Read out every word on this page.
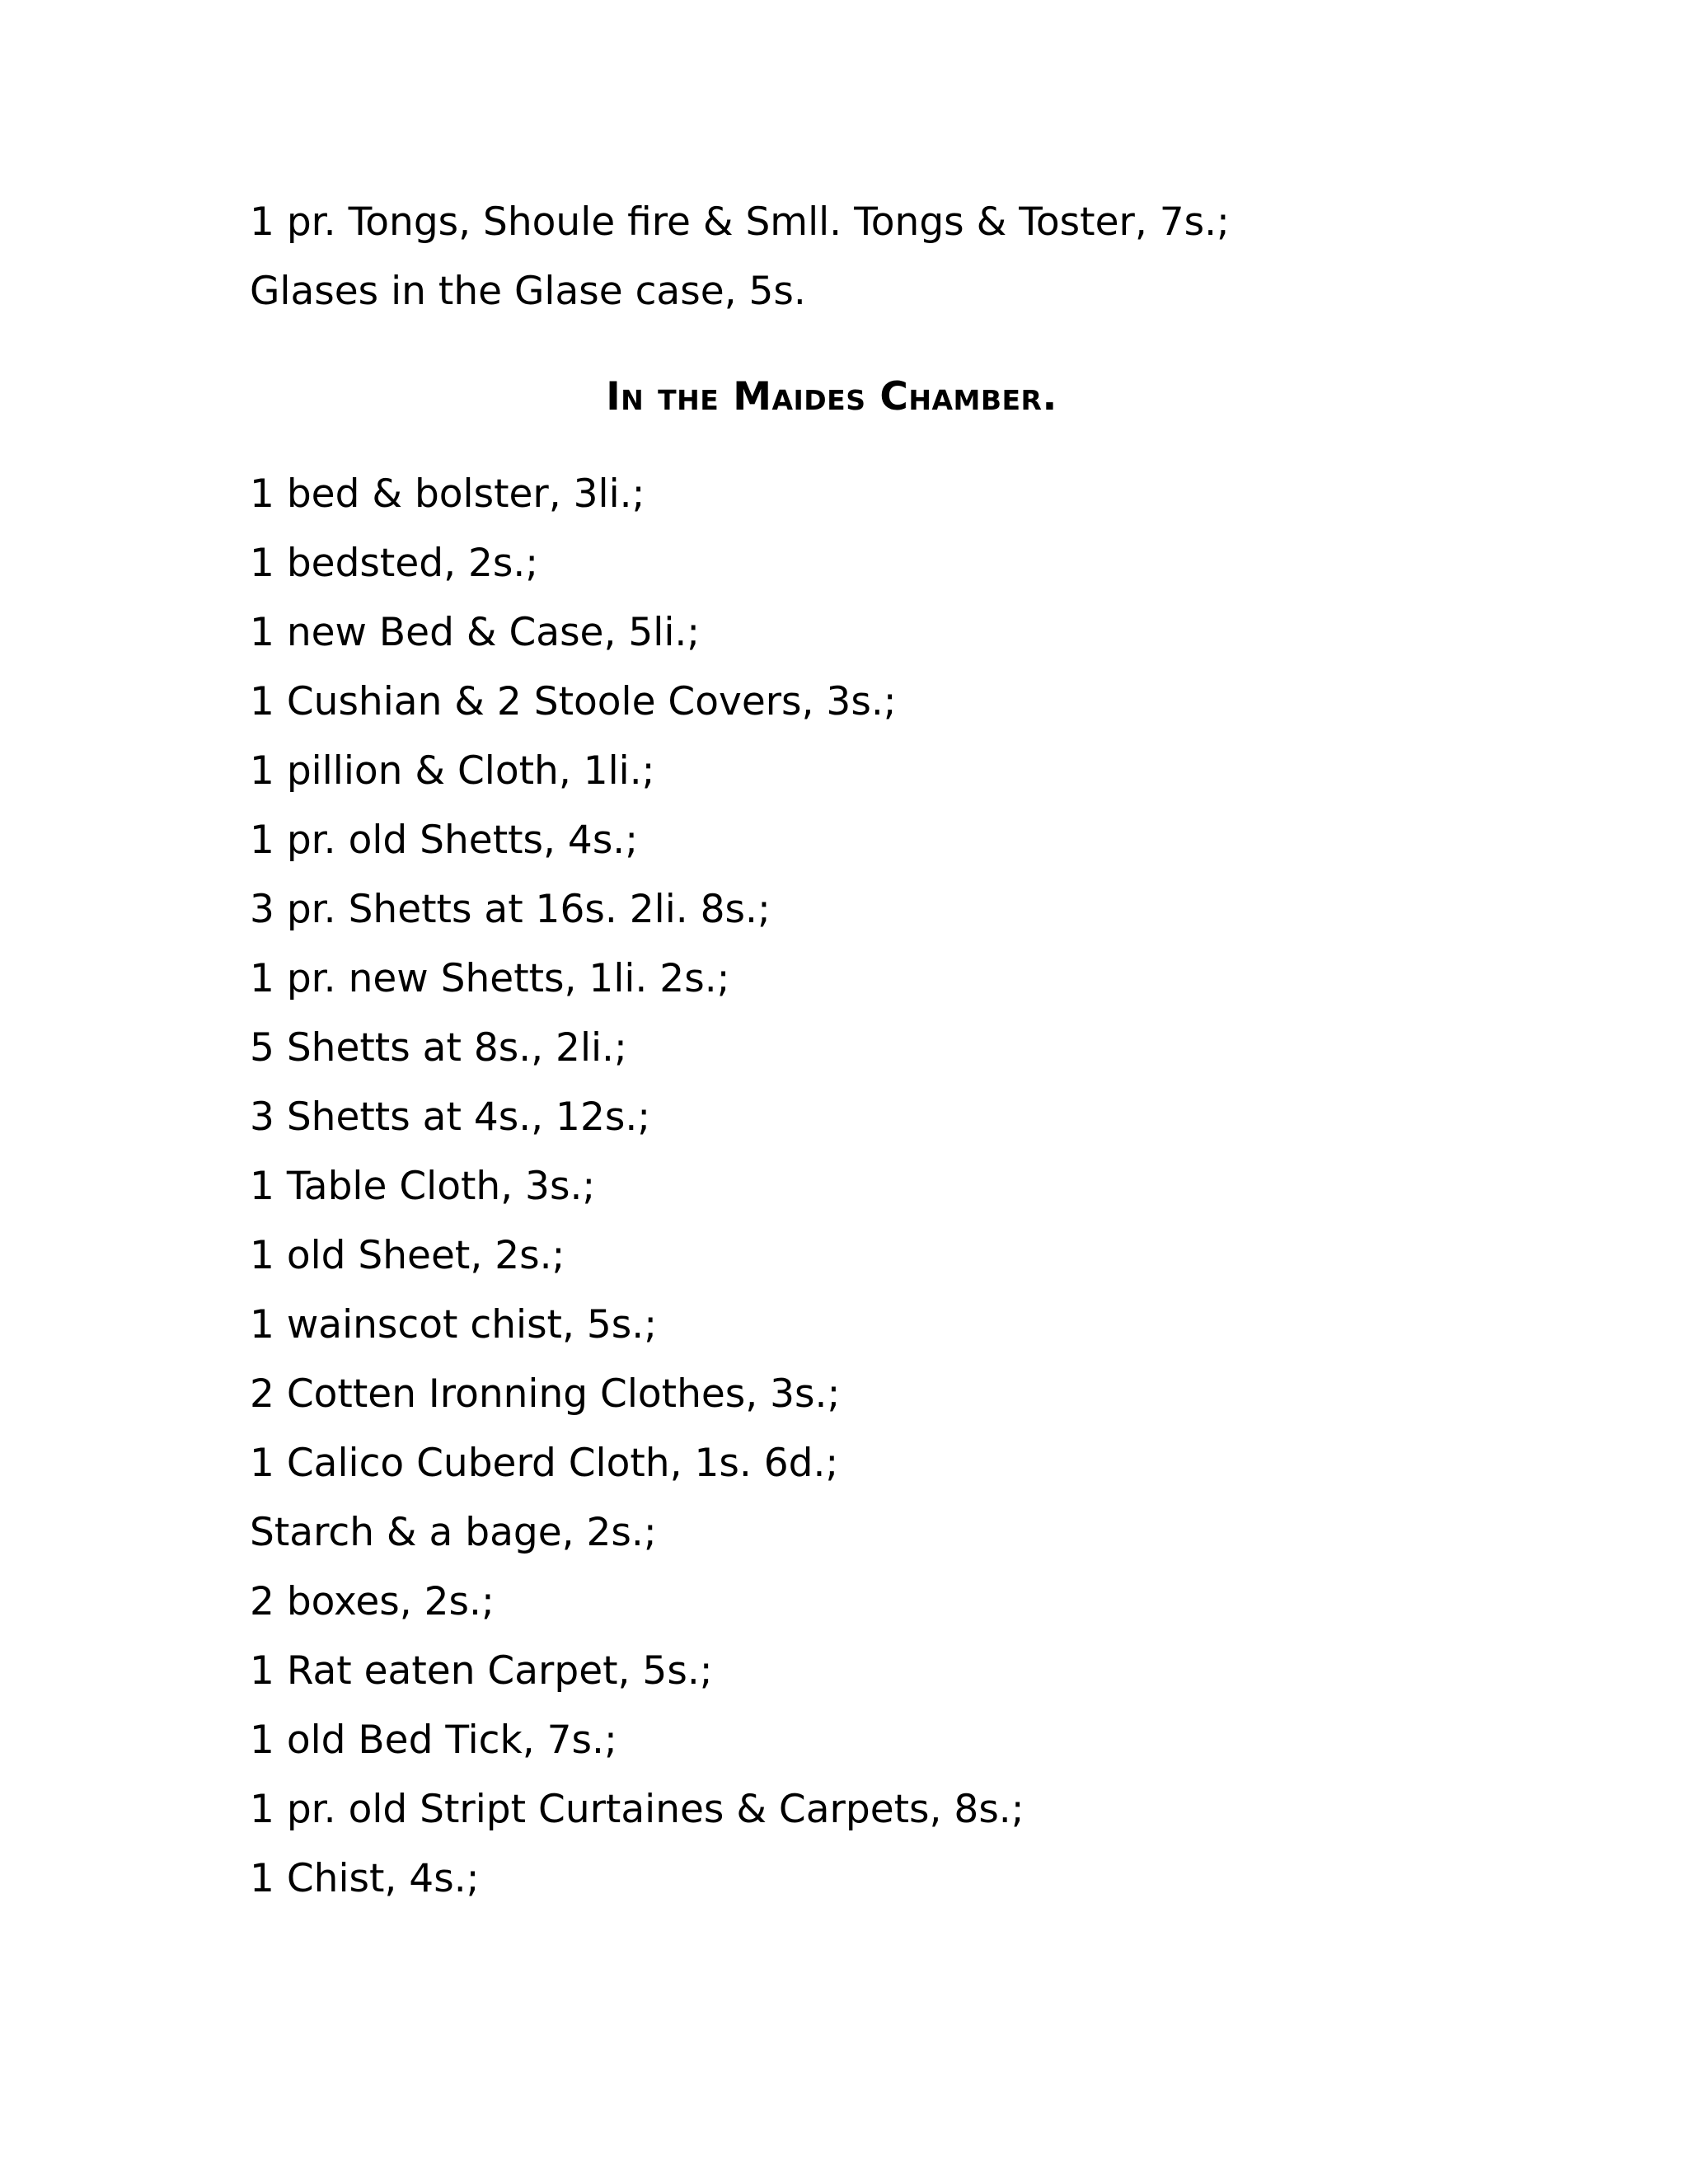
1 pr. Tongs, Shoule fire & Smll. Tongs & Toster, 7s.;

Glases in the Glase case, 5s.

In the Maides Chamber.

1 bed & bolster, 3li.;

1 bedsted, 2s.;

1 new Bed & Case, 5li.;

1 Cushian & 2 Stoole Covers, 3s.;

1 pillion & Cloth, 1li.;

1 pr. old Shetts, 4s.;

3 pr. Shetts at 16s. 2li. 8s.;

1 pr. new Shetts, 1li. 2s.;

5 Shetts at 8s., 2li.;

3 Shetts at 4s., 12s.;

1 Table Cloth, 3s.;

1 old Sheet, 2s.;

1 wainscot chist, 5s.;

2 Cotten Ironning Clothes, 3s.;

1 Calico Cuberd Cloth, 1s. 6d.;

Starch & a bage, 2s.;

2 boxes, 2s.;

1 Rat eaten Carpet, 5s.;

1 old Bed Tick, 7s.;

1 pr. old Stript Curtaines & Carpets, 8s.;

1 Chist, 4s.;
